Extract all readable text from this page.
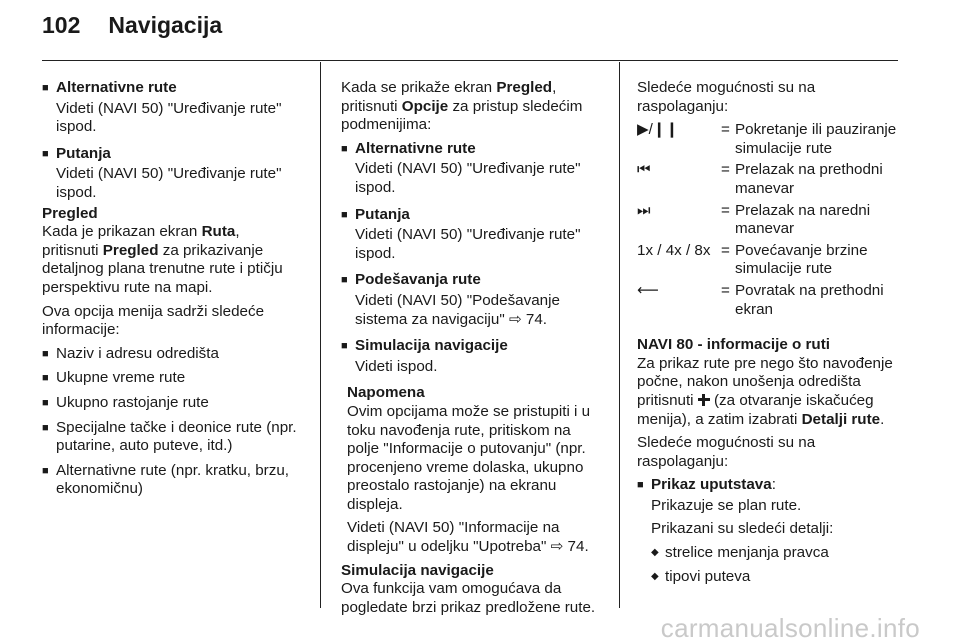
102 Navigacija
■ Alternativne rute

Videti (NAVI 50) "Uređivanje rute" ispod.

■ Putanja

Videti (NAVI 50) "Uređivanje rute" ispod.

Pregled

Kada je prikazan ekran Ruta,
pritisnuti Pregled za prikazivanje detaljnog plana trenutne rute i ptičju perspektivu rute na mapi.

Ova opcija menija sadrži sledeće informacije:

■ Naziv i adresu odredišta
■ Ukupne vreme rute
■ Ukupno rastojanje rute
■ Specijalne tačke i deonice rute (npr. putarine, auto puteve, itd.)
■ Alternativne rute (npr. kratku, brzu, ekonomičnu)

Kada se prikaže ekran Pregled,
pritisnuti Opcije za pristup sledećim podmenijima:

■ Alternativne rute

Videti (NAVI 50) "Uređivanje rute" ispod.

■ Putanja

Videti (NAVI 50) "Uređivanje rute" ispod.

■ Podešavanja rute

Videti (NAVI 50) "Podešavanje sistema za navigaciju" ⇨ 74.

■ Simulacija navigacije

Videti ispod.

Napomena

Ovim opcijama može se pristupiti i u toku navođenja rute, pritiskom na polje "Informacije o putovanju" (npr. procenjeno vreme dolaska, ukupno preostalo rastojanje) na ekranu displeja.

Videti (NAVI 50) "Informacije na displeju" u odeljku "Upotreba" ⇨ 74.

Simulacija navigacije

Ova funkcija vam omogućava da pogledate brzi prikaz predložene rute.

Sledeće mogućnosti su na raspolaganju:

▶/❙❙	=	Pokretanje ili pauziranje simulacije rute
⏮	=	Prelazak na prethodni manevar
⏭	=	Prelazak na naredni manevar
1x / 4x / 8x	=	Povećavanje brzine simulacije rute
⟵	=	Povratak na prethodni ekran

NAVI 80 - informacije o ruti

Za prikaz rute pre nego što navođenje počne, nakon unošenja odredišta pritisnuti  (za otvaranje iskačućeg menija), a zatim izabrati Detalji rute.

Sledeće mogućnosti su na raspolaganju:

■ Prikaz uputstava:

Prikazuje se plan rute.

Prikazani su sledeći detalji:

◆ strelice menjanja pravca
◆ tipovi puteva
carmanualsonline.info
